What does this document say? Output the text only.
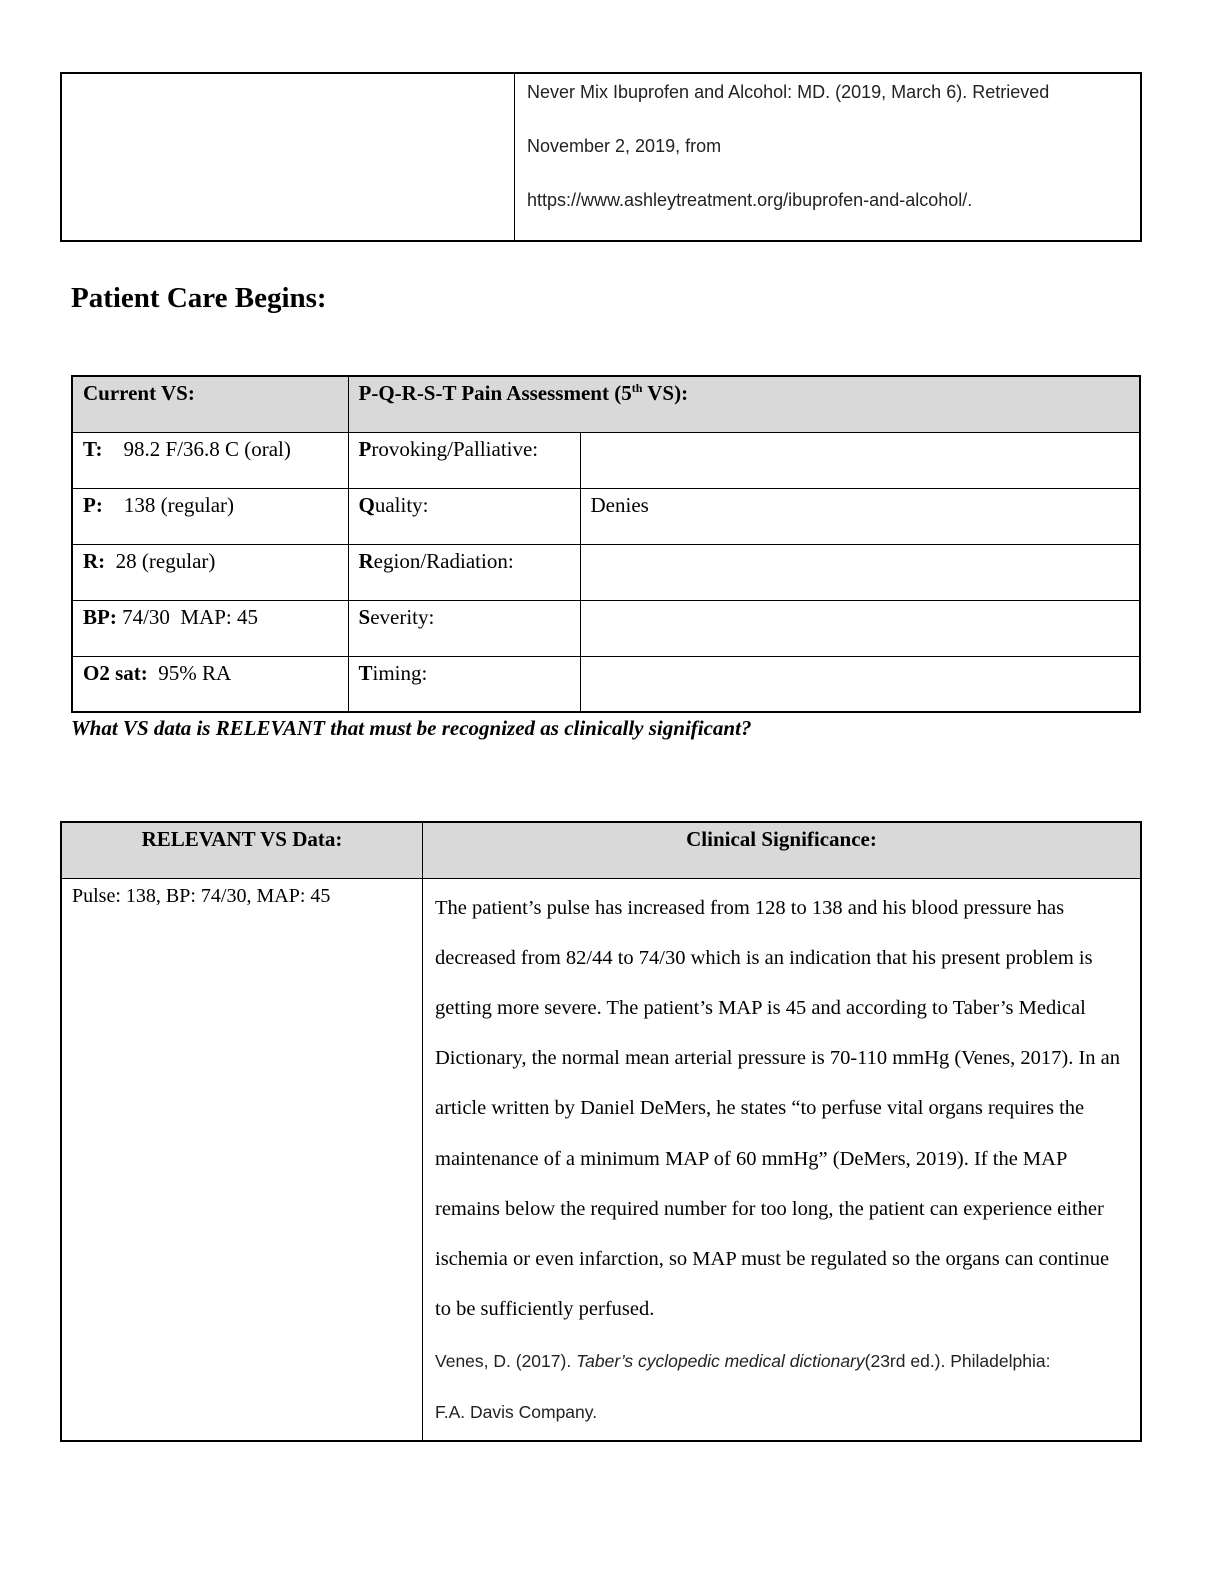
Never Mix Ibuprofen and Alcohol: MD. (2019, March 6). Retrieved
November 2, 2019, from
https://www.ashleytreatment.org/ibuprofen-and-alcohol/.
Patient Care Begins:
Current VS:	P-Q-R-S-T Pain Assessment (5th VS):	
T:    98.2 F/36.8 C (oral)	Provoking/Palliative:	
P:    138 (regular)	Quality:	Denies
R:  28 (regular)	Region/Radiation:	
BP: 74/30  MAP: 45	Severity:	
O2 sat:  95% RA	Timing:	

What VS data is RELEVANT that must be recognized as clinically significant?

RELEVANT VS Data:	Clinical Significance:
Pulse: 138, BP: 74/30, MAP: 45	The patient’s pulse has increased from 128 to 138 and his blood pressure has decreased from 82/44 to 74/30 which is an indication that his present problem is getting more severe. The patient’s MAP is 45 and according to Taber’s Medical Dictionary, the normal mean arterial pressure is 70-110 mmHg (Venes, 2017). In an article written by Daniel DeMers, he states “to perfuse vital organs requires the maintenance of a minimum MAP of 60 mmHg” (DeMers, 2019). If the MAP remains below the required number for too long, the patient can experience either ischemia or even infarction, so MAP must be regulated so the organs can continue to be sufficiently perfused.

Venes, D. (2017). Taber’s cyclopedic medical dictionary(23rd ed.). Philadelphia:

F.A. Davis Company.
